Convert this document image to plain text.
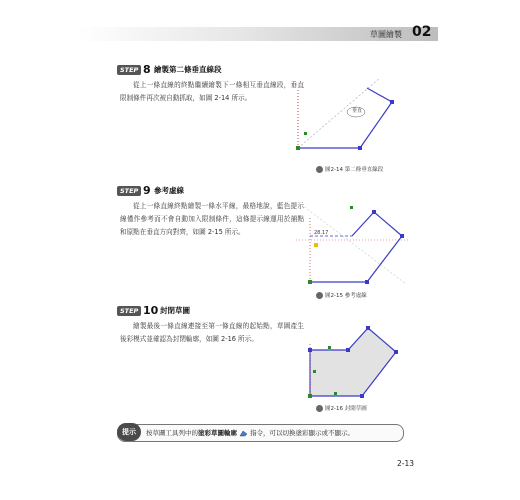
草圖繪製 02
STEP 8 繪製第二條垂直線段
從上一條直線的終點繼續繪製下一條相互垂直線段，垂直限制條件再次被自動抓取，如圖 2-14 所示。
垂直
圖2-14 第二條垂直線段
STEP 9 參考虛線
從上一條直線終點繪製一條水平線，最格地說，藍色提示線僅作參考而不會自動加入限制條件，這條提示線運用於捕點和原點在垂直方向對齊，如圖 2-15 所示。	28.17
圖2-15 參考虛線
STEP 10 封閉草圖
繪製最後一條直線連接至第一條直線的起始點，草圖產生後彩模式並確認為封閉輪廓，如圖 2-16 所示。
圖2-16 封閉草圖
提示	按草圖工具列中的塗彩草圖輪廓 指令，可以切換塗彩顯示或不顯示。
2-13
